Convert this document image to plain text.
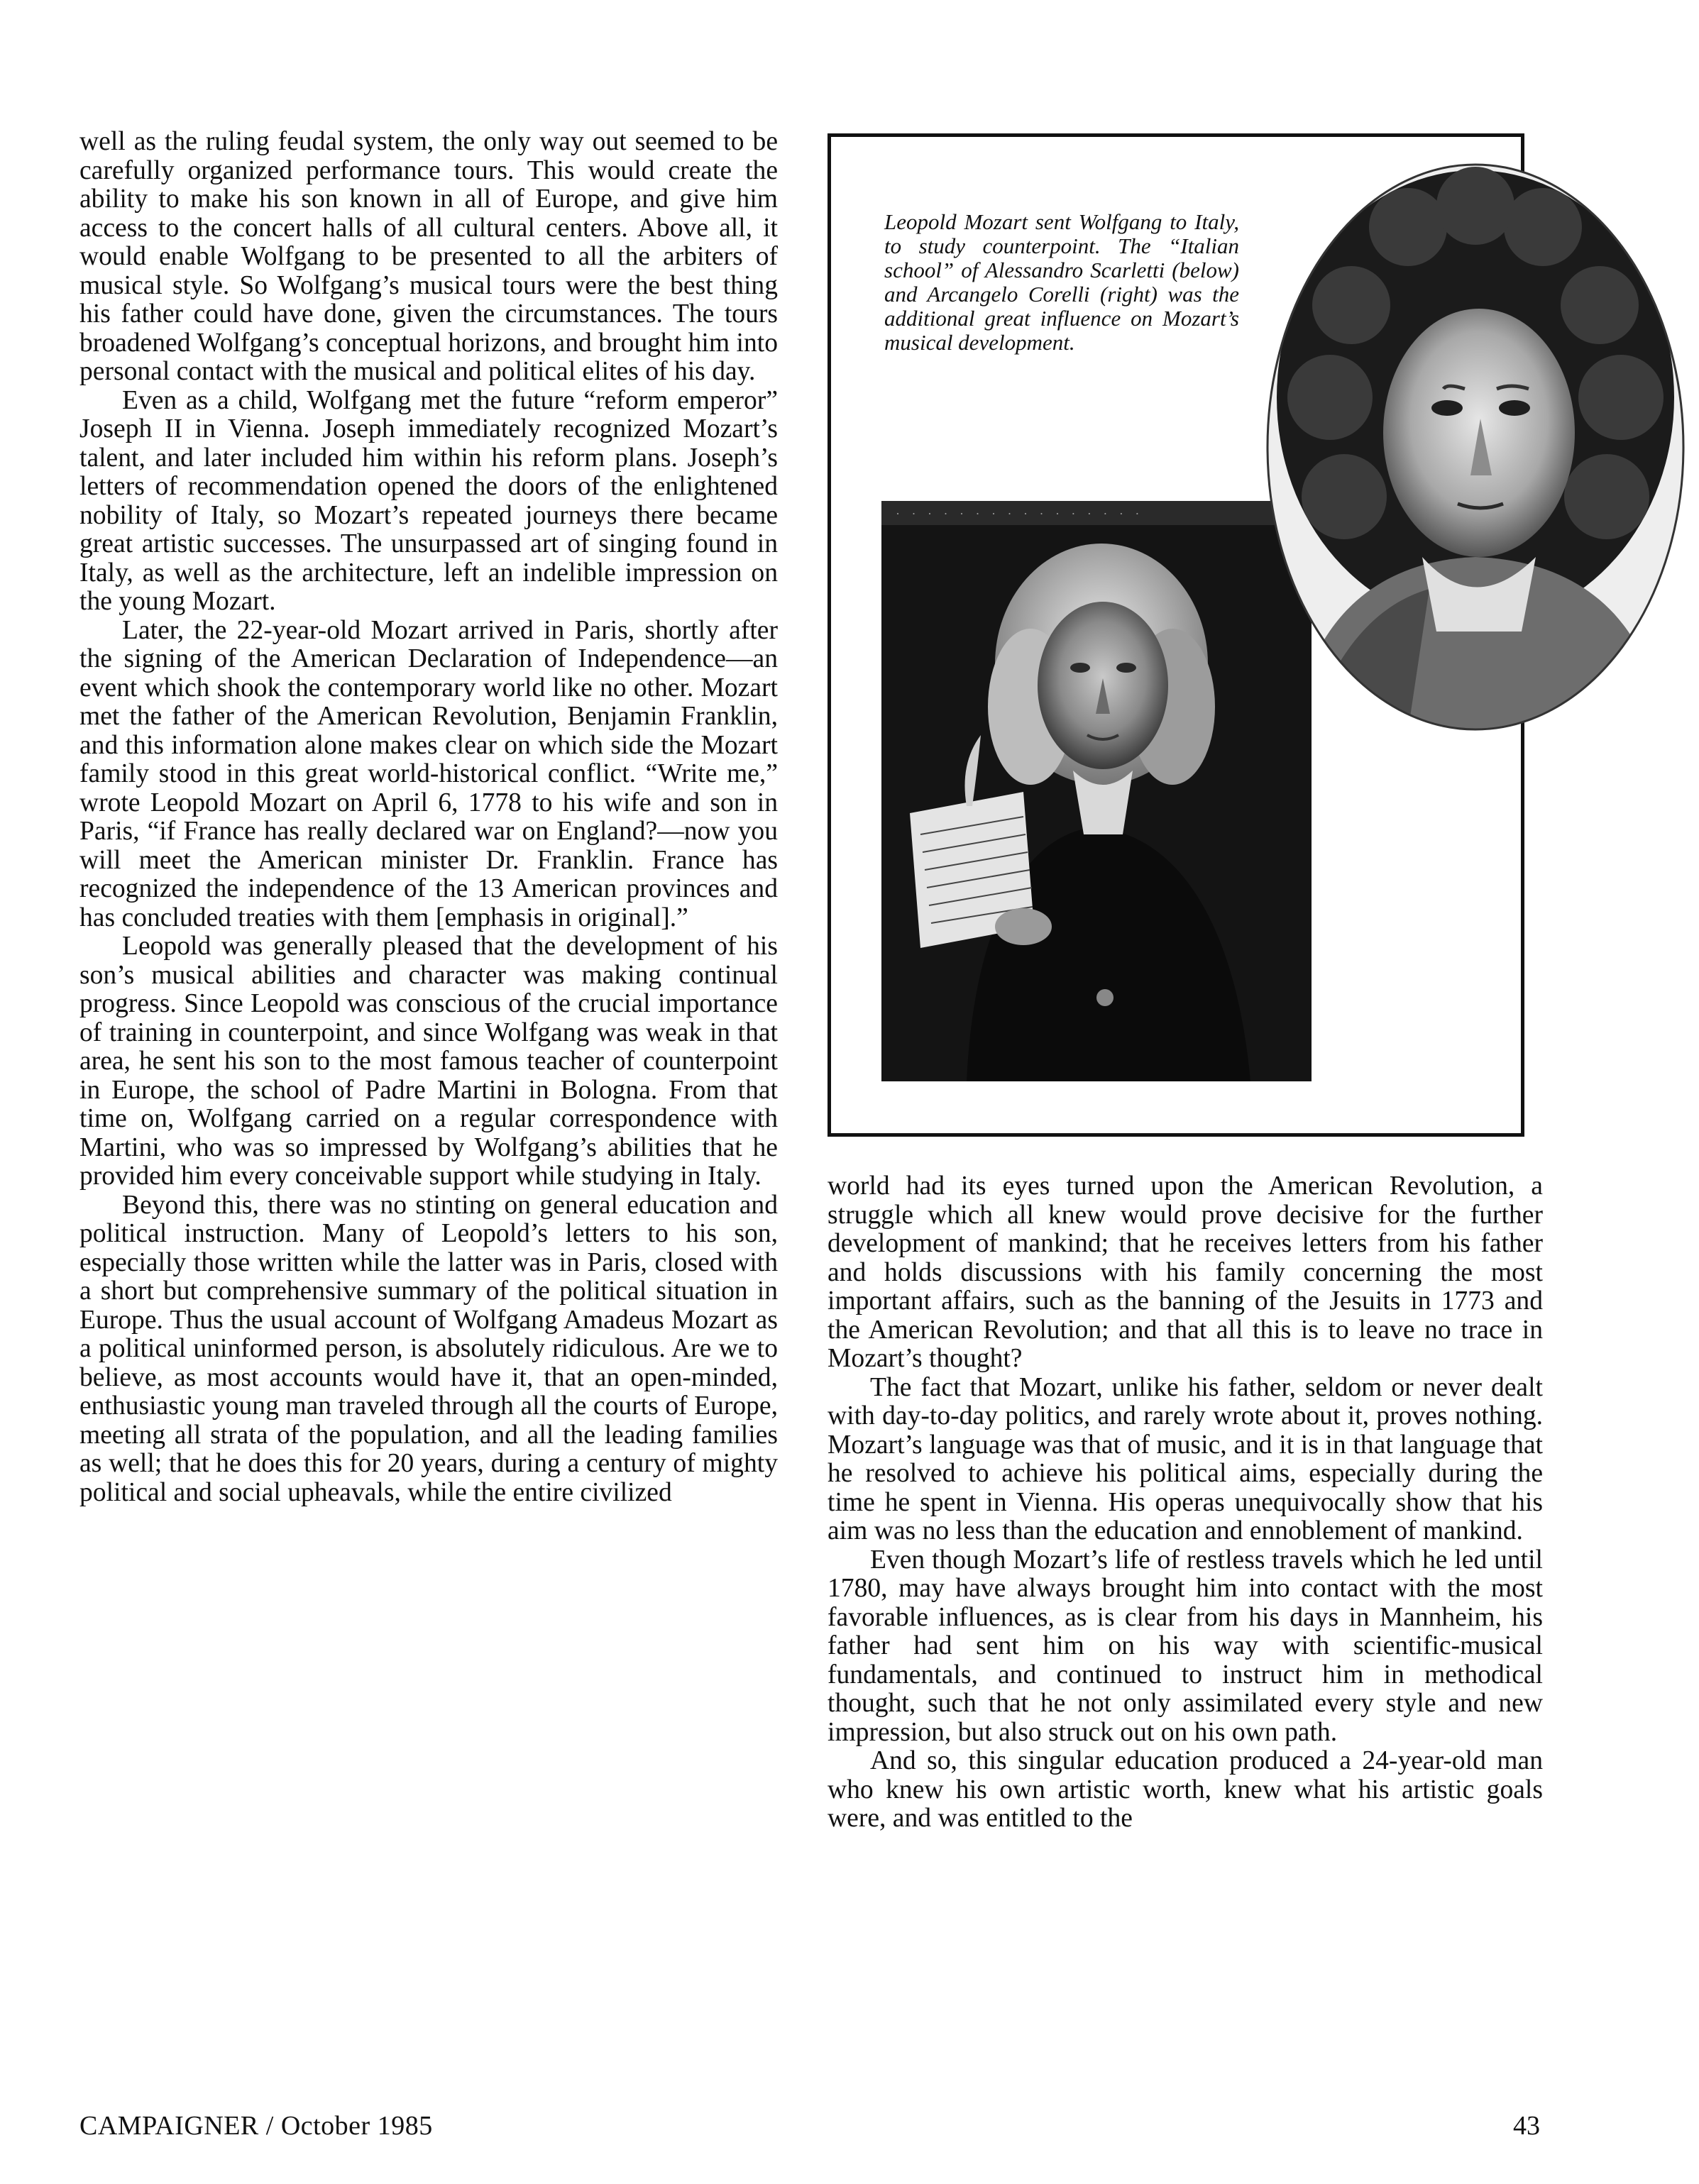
well as the ruling feudal system, the only way out seemed to be carefully organized performance tours. This would create the ability to make his son known in all of Europe, and give him access to the concert halls of all cultural centers. Above all, it would enable Wolfgang to be presented to all the arbiters of musical style. So Wolfgang’s musical tours were the best thing his father could have done, given the circumstances. The tours broadened Wolfgang’s conceptual horizons, and brought him into personal contact with the musical and political elites of his day.

Even as a child, Wolfgang met the future “reform emperor” Joseph II in Vienna. Joseph immediately recognized Mozart’s talent, and later included him within his reform plans. Joseph’s letters of recommendation opened the doors of the enlightened nobility of Italy, so Mozart’s repeated journeys there became great artistic successes. The unsurpassed art of singing found in Italy, as well as the architecture, left an indelible impression on the young Mozart.

Later, the 22-year-old Mozart arrived in Paris, shortly after the signing of the American Declaration of Independence—an event which shook the contemporary world like no other. Mozart met the father of the American Revolution, Benjamin Franklin, and this information alone makes clear on which side the Mozart family stood in this great world-historical conflict. “Write me,” wrote Leopold Mozart on April 6, 1778 to his wife and son in Paris, “if France has really declared war on England?—now you will meet the American minister Dr. Franklin. France has recognized the independence of the 13 American provinces and has concluded treaties with them [emphasis in original].”

Leopold was generally pleased that the development of his son’s musical abilities and character was making continual progress. Since Leopold was conscious of the crucial importance of training in counterpoint, and since Wolfgang was weak in that area, he sent his son to the most famous teacher of counterpoint in Europe, the school of Padre Martini in Bologna. From that time on, Wolfgang carried on a regular correspondence with Martini, who was so impressed by Wolfgang’s abilities that he provided him every conceivable support while studying in Italy.

Beyond this, there was no stinting on general education and political instruction. Many of Leopold’s letters to his son, especially those written while the latter was in Paris, closed with a short but comprehensive summary of the political situation in Europe. Thus the usual account of Wolfgang Amadeus Mozart as a political uninformed person, is absolutely ridiculous. Are we to believe, as most accounts would have it, that an open-minded, enthusiastic young man traveled through all the courts of Europe, meeting all strata of the population, and all the leading families as well; that he does this for 20 years, during a century of mighty political and social upheavals, while the entire civilized

Leopold Mozart sent Wolfgang to Italy, to study counterpoint. The “Italian school” of Alessandro Scarletti (below) and Arcangelo Corelli (right) was the additional great influence on Mozart’s musical development.
· · · · · · · · · · · · · · · ·

world had its eyes turned upon the American Revolution, a struggle which all knew would prove decisive for the further development of mankind; that he receives letters from his father and holds discussions with his family concerning the most important affairs, such as the banning of the Jesuits in 1773 and the American Revolution; and that all this is to leave no trace in Mozart’s thought?

The fact that Mozart, unlike his father, seldom or never dealt with day-to-day politics, and rarely wrote about it, proves nothing. Mozart’s language was that of music, and it is in that language that he resolved to achieve his political aims, especially during the time he spent in Vienna. His operas unequivocally show that his aim was no less than the education and ennoblement of mankind.

Even though Mozart’s life of restless travels which he led until 1780, may have always brought him into contact with the most favorable influences, as is clear from his days in Mannheim, his father had sent him on his way with scientific-musical fundamentals, and continued to instruct him in methodical thought, such that he not only assimilated every style and new impression, but also struck out on his own path.

And so, this singular education produced a 24-year-old man who knew his own artistic worth, knew what his artistic goals were, and was entitled to the

CAMPAIGNER / October 1985	43
